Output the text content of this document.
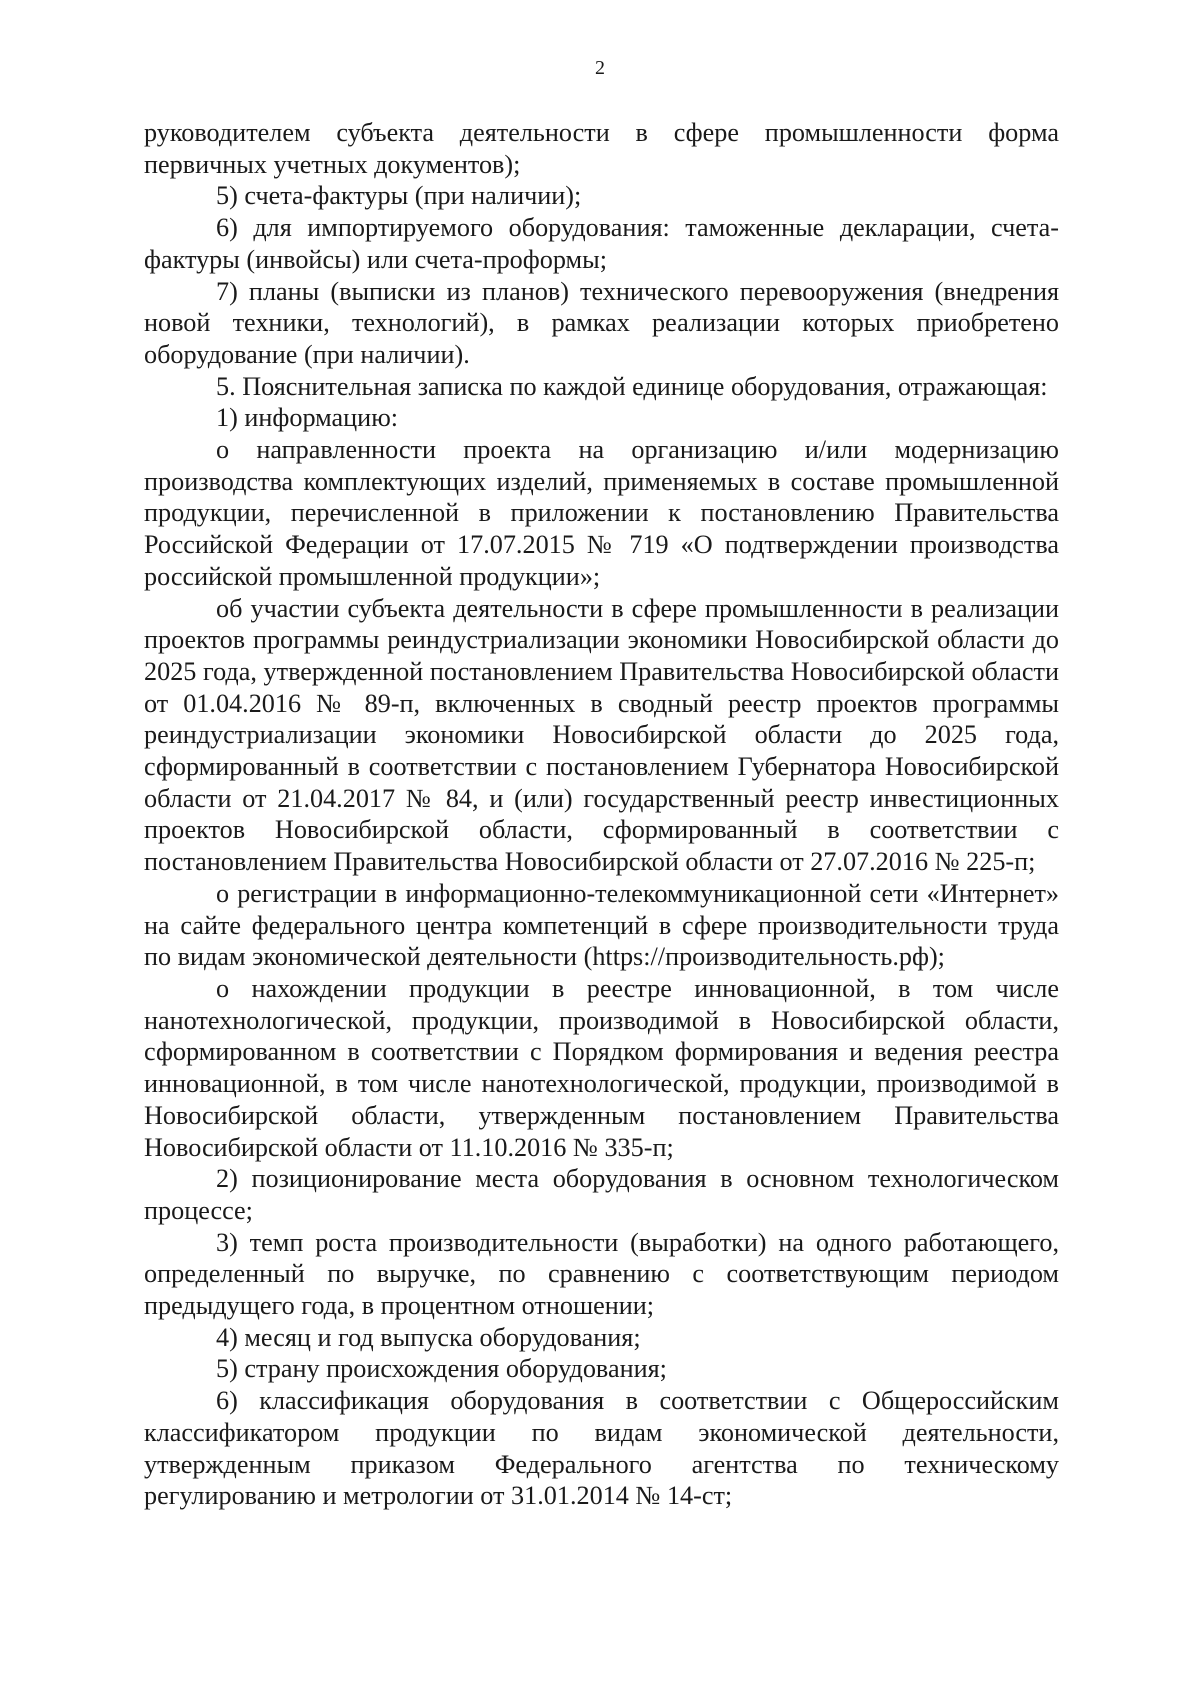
2

руководителем субъекта деятельности в сфере промышленности форма первичных учетных документов);

5) счета-фактуры (при наличии);

6) для импортируемого оборудования: таможенные декларации, счета-фактуры (инвойсы) или счета-проформы;

7) планы (выписки из планов) технического перевооружения (внедрения новой техники, технологий), в рамках реализации которых приобретено оборудование (при наличии).

5. Пояснительная записка по каждой единице оборудования, отражающая:

1) информацию:

о направленности проекта на организацию и/или модернизацию производства комплектующих изделий, применяемых в составе промышленной продукции, перечисленной в приложении к постановлению Правительства Российской Федерации от 17.07.2015 № 719 «О подтверждении производства российской промышленной продукции»;

об участии субъекта деятельности в сфере промышленности в реализации проектов программы реиндустриализации экономики Новосибирской области до 2025 года, утвержденной постановлением Правительства Новосибирской области от 01.04.2016 № 89-п, включенных в сводный реестр проектов программы реиндустриализации экономики Новосибирской области до 2025 года, сформированный в соответствии с постановлением Губернатора Новосибирской области от 21.04.2017 № 84, и (или) государственный реестр инвестиционных проектов Новосибирской области, сформированный в соответствии с постановлением Правительства Новосибирской области от 27.07.2016 № 225-п;

о регистрации в информационно-телекоммуникационной сети «Интернет» на сайте федерального центра компетенций в сфере производительности труда по видам экономической деятельности (https://производительность.рф);

о нахождении продукции в реестре инновационной, в том числе нанотехнологической, продукции, производимой в Новосибирской области, сформированном в соответствии с Порядком формирования и ведения реестра инновационной, в том числе нанотехнологической, продукции, производимой в Новосибирской области, утвержденным постановлением Правительства Новосибирской области от 11.10.2016 № 335-п;

2) позиционирование места оборудования в основном технологическом процессе;

3) темп роста производительности (выработки) на одного работающего, определенный по выручке, по сравнению с соответствующим периодом предыдущего года, в процентном отношении;

4) месяц и год выпуска оборудования;

5) страну происхождения оборудования;

6) классификация оборудования в соответствии с Общероссийским классификатором продукции по видам экономической деятельности, утвержденным приказом Федерального агентства по техническому регулированию и метрологии от 31.01.2014 № 14-ст;
